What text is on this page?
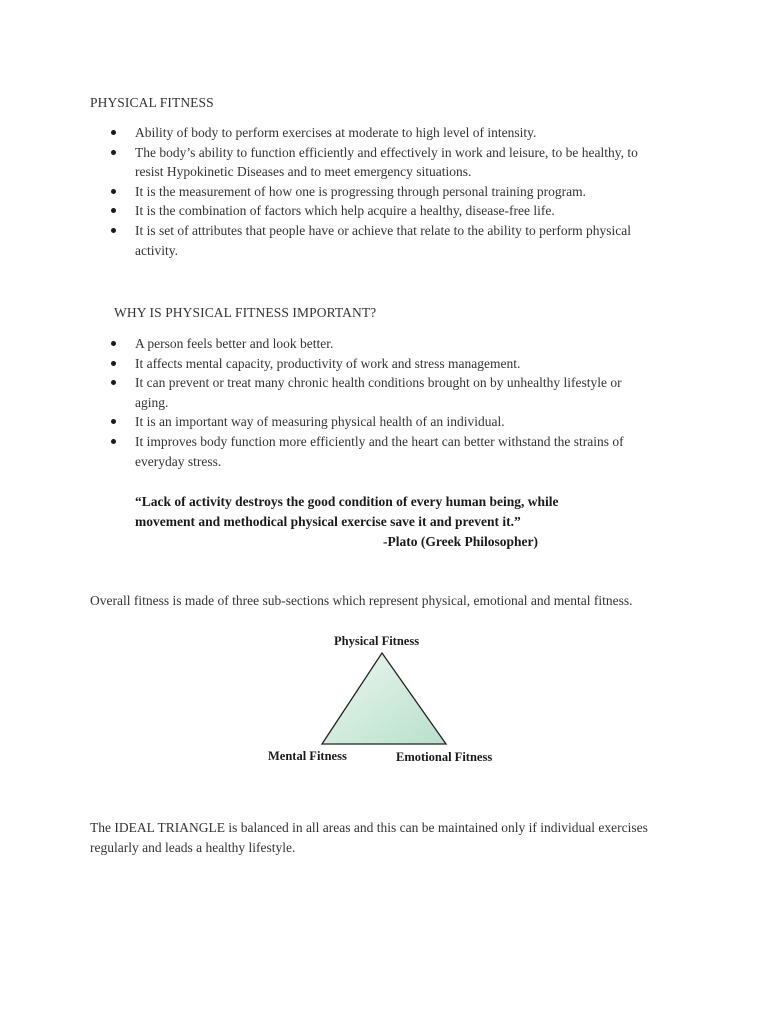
PHYSICAL FITNESS
Ability of body to perform exercises at moderate to high level of intensity.
The body’s ability to function efficiently and effectively in work and leisure, to be healthy, to resist Hypokinetic Diseases and to meet emergency situations.
It is the measurement of how one is progressing through personal training program.
It is the combination of factors which help acquire a healthy, disease-free life.
It is set of attributes that people have or achieve that relate to the ability to perform physical activity.
WHY IS PHYSICAL FITNESS IMPORTANT?
A person feels better and look better.
It affects mental capacity, productivity of work and stress management.
It can prevent or treat many chronic health conditions brought on by unhealthy lifestyle or aging.
It is an important way of measuring physical health of an individual.
It improves body function more efficiently and the heart can better withstand the strains of everyday stress.
“Lack of activity destroys the good condition of every human being, while
movement and methodical physical exercise save it and prevent it.”
-Plato (Greek Philosopher)
Overall fitness is made of three sub-sections which represent physical, emotional and mental fitness.
Physical Fitness
Mental Fitness	Emotional Fitness
The IDEAL TRIANGLE is balanced in all areas and this can be maintained only if individual exercises regularly and leads a healthy lifestyle.
